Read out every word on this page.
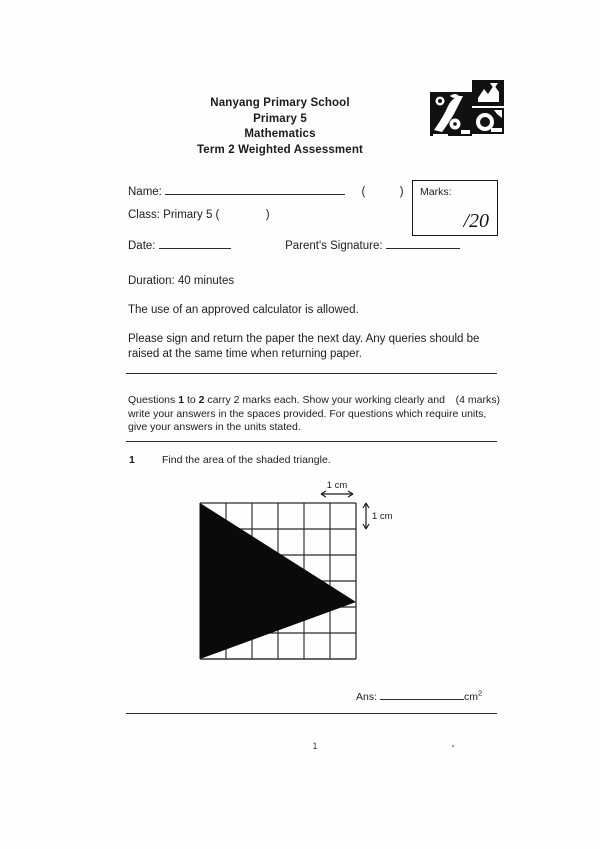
Nanyang Primary School
Primary 5
Mathematics
Term 2 Weighted Assessment
Name:	(	)
Class: Primary 5 (	)
Date:	Parent's Signature:
Marks:
/20

Duration: 40 minutes

The use of an approved calculator is allowed.

Please sign and return the paper the next day. Any queries should be raised at the same time when returning paper.

(4 marks)
Questions 1 to 2 carry 2 marks each. Show your working clearly and write your answers in the spaces provided. For questions which require units, give your answers in the units stated.
1	Find the area of the shaded triangle.
1 cm
1 cm
Ans:	$cm^2$
1
